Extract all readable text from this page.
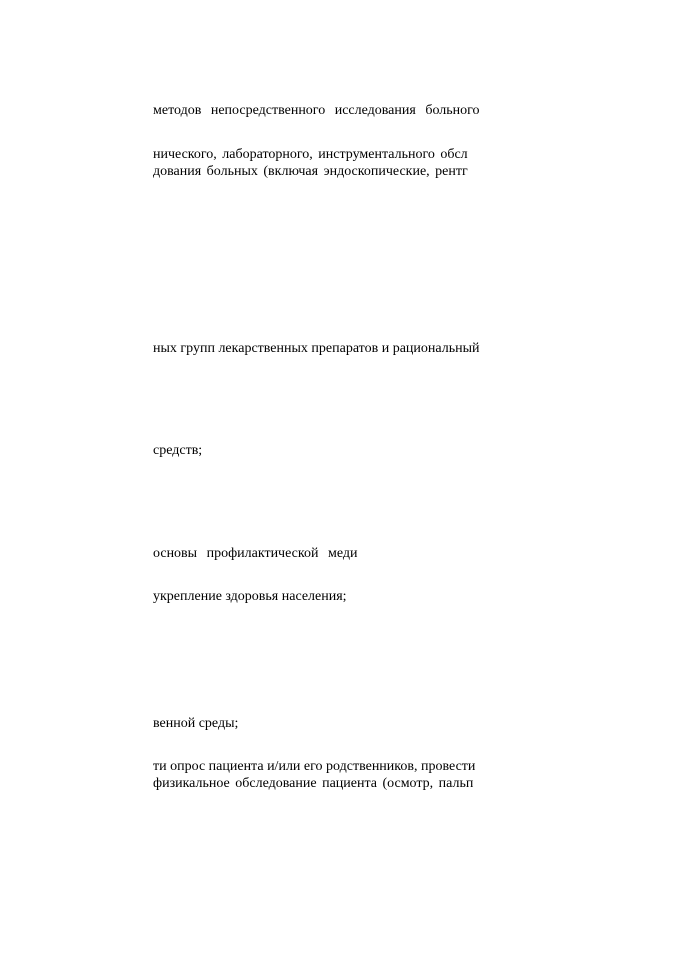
методов непосредственного исследования больного

нического, лабораторного, инструментального обсл

дования больных (включая эндоскопические, рентг

ных групп лекарственных препаратов и рациональный

средств;

основы профилактической меди

укрепление здоровья населения;

венной среды;

ти опрос пациента и/или его родственников, провести

физикальное обследование пациента (осмотр, пальп
